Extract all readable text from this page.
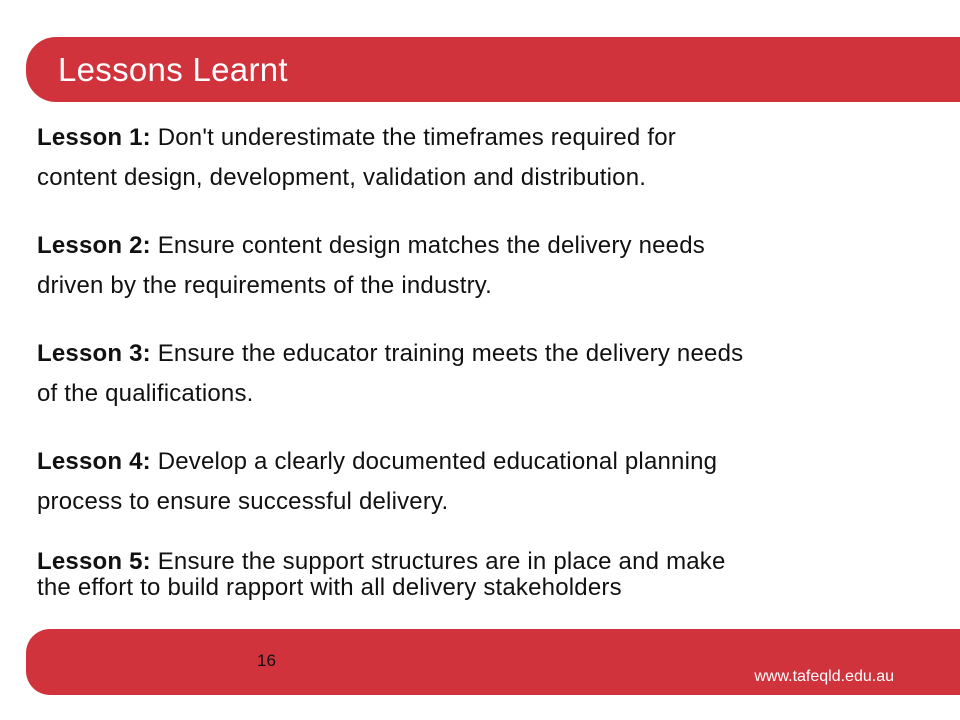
Lessons Learnt
Lesson 1: Don't underestimate the timeframes required for
content design, development, validation and distribution.
Lesson 2: Ensure content design matches the delivery needs
driven by the requirements of the industry.
Lesson 3: Ensure the educator training meets the delivery needs
of the qualifications.
Lesson 4: Develop a clearly documented educational planning
process to ensure successful delivery.
Lesson 5: Ensure the support structures are in place and make
the effort to build rapport with all delivery stakeholders
16
www.tafeqld.edu.au
